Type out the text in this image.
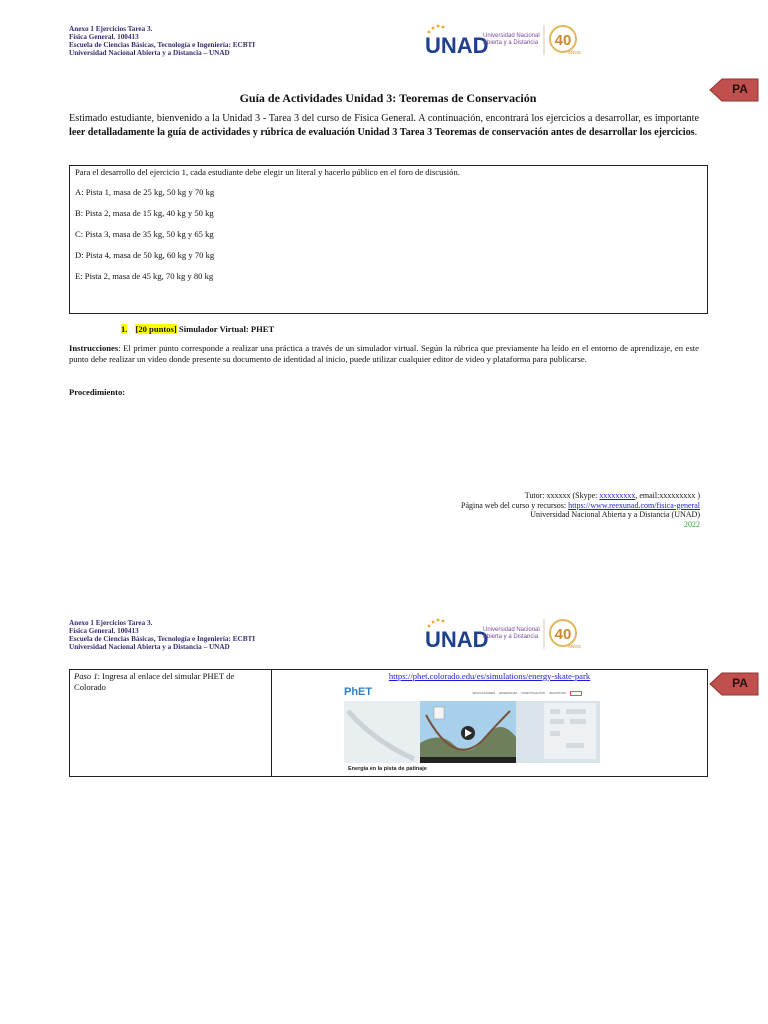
Anexo 1 Ejercicios Tarea 3.
Física General. 100413
Escuela de Ciencias Básicas, Tecnología e Ingeniería: ECBTI
Universidad Nacional Abierta y a Distancia – UNAD	UNAD
Universidad Nacional
Abierta y a Distancia 40
AÑOS
PA
Guía de Actividades Unidad 3: Teoremas de Conservación
Estimado estudiante, bienvenido a la Unidad 3 - Tarea 3 del curso de Física General. A continuación, encontrará los ejercicios a desarrollar, es importante leer detalladamente la guía de actividades y rúbrica de evaluación Unidad 3 Tarea 3 Teoremas de conservación antes de desarrollar los ejercicios.
Para el desarrollo del ejercicio 1, cada estudiante debe elegir un literal y hacerlo público en el foro de discusión.
A: Pista 1, masa de 25 kg, 50 kg y 70 kg
B: Pista 2, masa de 15 kg, 40 kg y 50 kg
C: Pista 3, masa de 35 kg, 50 kg y 65 kg
D: Pista 4, masa de 50 kg, 60 kg y 70 kg
E: Pista 2, masa de 45 kg, 70 kg y 80 kg
1. [20 puntos] Simulador Virtual: PHET
Instrucciones: El primer punto corresponde a realizar una práctica a través de un simulador virtual. Según la rúbrica que previamente ha leído en el entorno de aprendizaje, en este punto debe realizar un video donde presente su documento de identidad al inicio, puede utilizar cualquier editor de video y plataforma para publicarse.
Procedimiento:
Tutor: xxxxxx (Skype: xxxxxxxxx, email:xxxxxxxxx )
Página web del curso y recursos: https://www.reexunad.com/fisica-general
Universidad Nacional Abierta y a Distancia (UNAD)
2022
Anexo 1 Ejercicios Tarea 3.
Física General. 100413
Escuela de Ciencias Básicas, Tecnología e Ingeniería: ECBTI
Universidad Nacional Abierta y a Distancia – UNAD	UNAD
Universidad Nacional
Abierta y a Distancia 40
AÑOS
PA
Paso 1: Ingresa al enlace del simular PHET de Colorado	
https://phet.colorado.edu/es/simulations/energy-skate-park
PhET	SIMULACIONES ENSEÑANZA INVESTIGACIÓN INICIATIVAS
Energía en la pista de patinaje
